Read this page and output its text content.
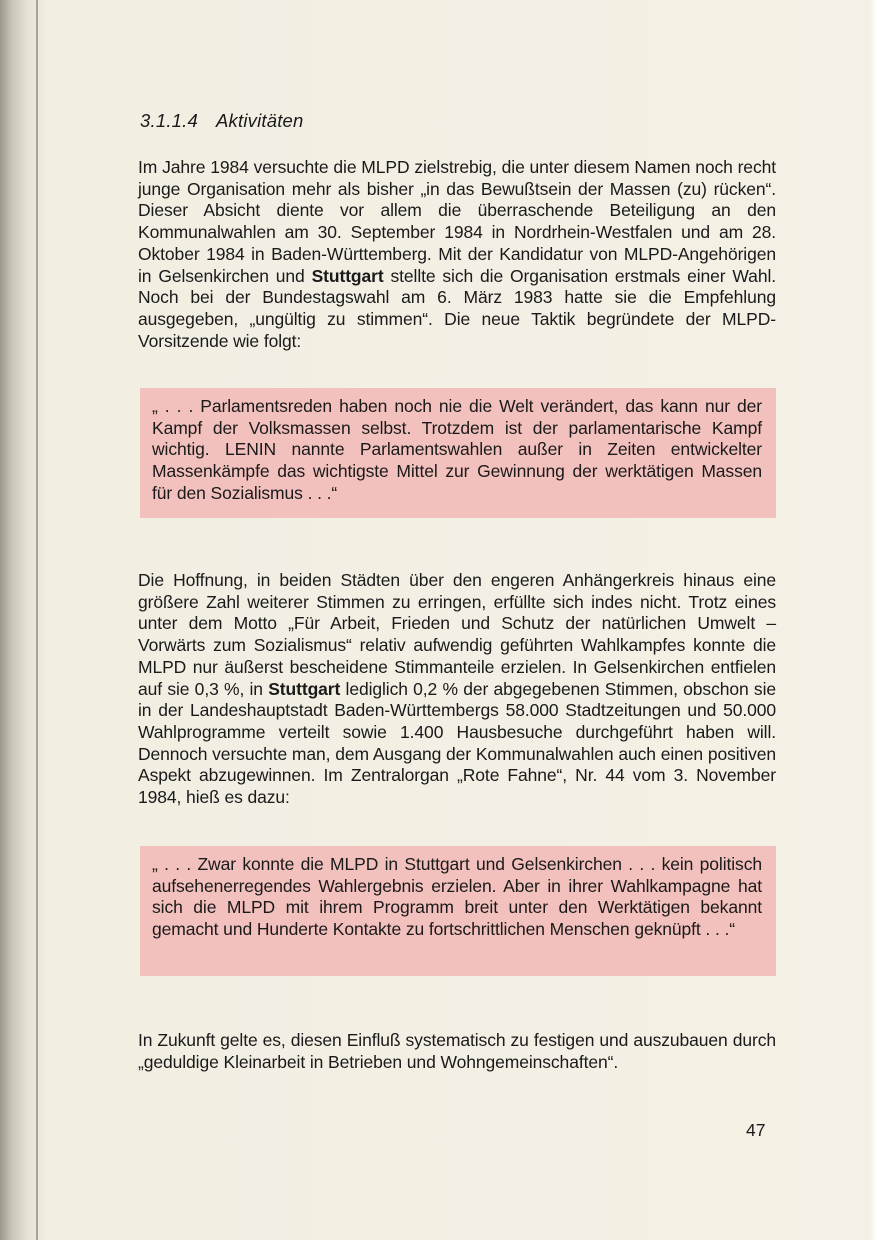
3.1.1.4 Aktivitäten

Im Jahre 1984 versuchte die MLPD zielstrebig, die unter diesem Namen noch recht junge Organisation mehr als bisher „in das Bewußtsein der Massen (zu) rücken“. Dieser Absicht diente vor allem die überraschende Beteiligung an den Kommunalwahlen am 30. September 1984 in Nordrhein-Westfalen und am 28. Oktober 1984 in Baden-Württemberg. Mit der Kandidatur von MLPD-Angehörigen in Gelsenkirchen und Stuttgart stellte sich die Organisation erstmals einer Wahl. Noch bei der Bundestagswahl am 6. März 1983 hatte sie die Empfehlung ausgegeben, „ungültig zu stimmen“. Die neue Taktik begründete der MLPD-Vorsitzende wie folgt:

„ . . . Parlamentsreden haben noch nie die Welt verändert, das kann nur der Kampf der Volksmassen selbst. Trotzdem ist der parlamentarische Kampf wichtig. LENIN nannte Parlamentswahlen außer in Zeiten entwickelter Massenkämpfe das wichtigste Mittel zur Gewinnung der werktätigen Massen für den Sozialismus . . .“

Die Hoffnung, in beiden Städten über den engeren Anhängerkreis hinaus eine größere Zahl weiterer Stimmen zu erringen, erfüllte sich indes nicht. Trotz eines unter dem Motto „Für Arbeit, Frieden und Schutz der natürlichen Umwelt – Vorwärts zum Sozialismus“ relativ aufwendig geführten Wahlkampfes konnte die MLPD nur äußerst bescheidene Stimmanteile erzielen. In Gelsenkirchen entfielen auf sie 0,3 %, in Stuttgart lediglich 0,2 % der abgegebenen Stimmen, obschon sie in der Landeshauptstadt Baden-Württembergs 58.000 Stadtzeitungen und 50.000 Wahlprogramme verteilt sowie 1.400 Hausbesuche durchgeführt haben will. Dennoch versuchte man, dem Ausgang der Kommunalwahlen auch einen positiven Aspekt abzugewinnen. Im Zentralorgan „Rote Fahne“, Nr. 44 vom 3. November 1984, hieß es dazu:

„ . . . Zwar konnte die MLPD in Stuttgart und Gelsenkirchen . . . kein politisch aufsehenerregendes Wahlergebnis erzielen. Aber in ihrer Wahlkampagne hat sich die MLPD mit ihrem Programm breit unter den Werktätigen bekannt gemacht und Hunderte Kontakte zu fortschrittlichen Menschen geknüpft . . .“

In Zukunft gelte es, diesen Einfluß systematisch zu festigen und auszubauen durch „geduldige Kleinarbeit in Betrieben und Wohngemeinschaften“.

47
